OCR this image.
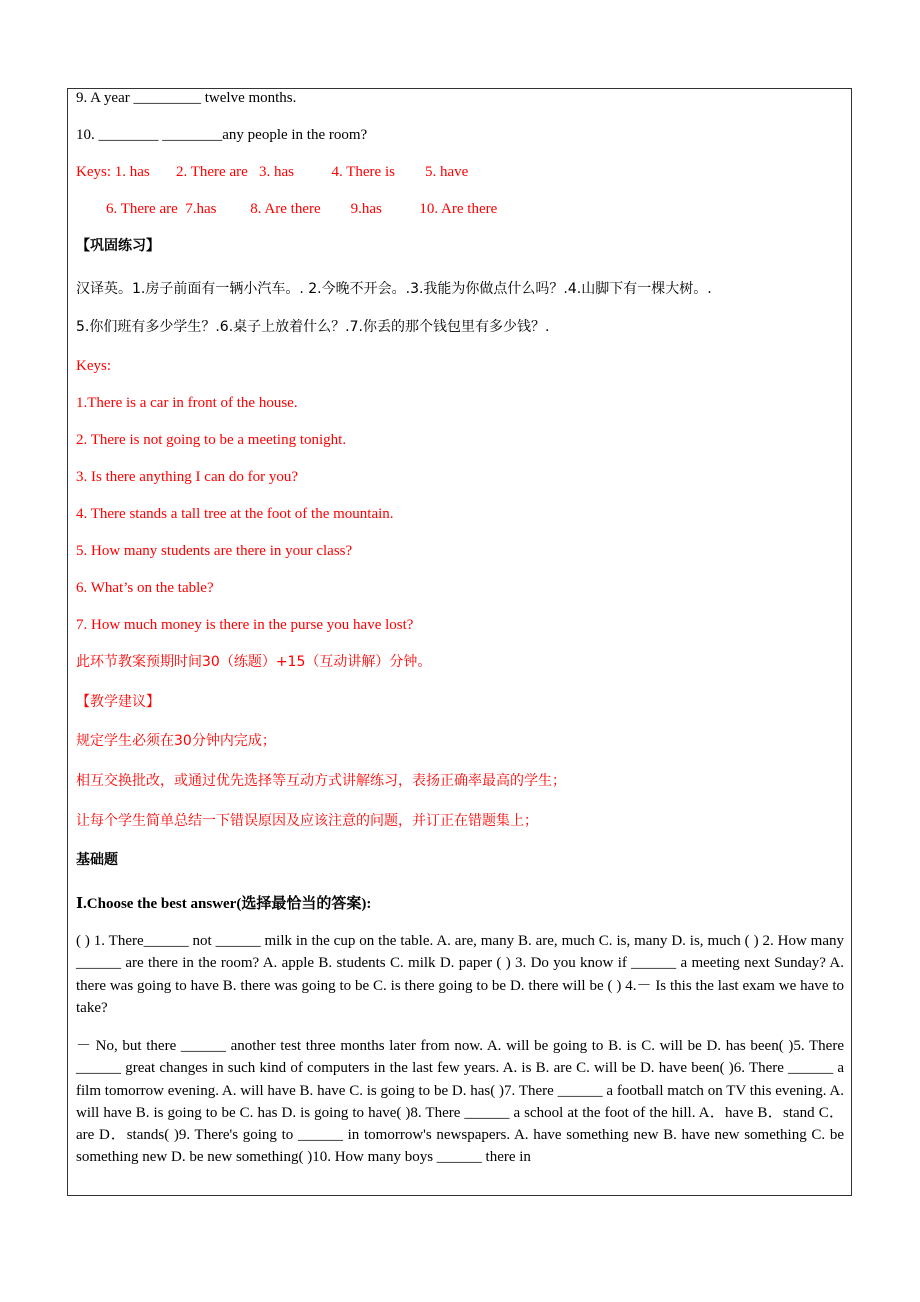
9. A year _________ twelve months.

10. ________ ________any people in the room?

Keys: 1. has       2. There are   3. has          4. There is        5. have

6. There are  7.has         8. Are there        9.has          10. Are there

【巩固练习】

汉译英。1.房子前面有一辆小汽车。. 2.今晚不开会。.3.我能为你做点什么吗？.4.山脚下有一棵大树。.

5.你们班有多少学生？.6.桌子上放着什么？.7.你丢的那个钱包里有多少钱？.

Keys:

1.There is a car in front of the house.

2. There is not going to be a meeting tonight.

3. Is there anything I can do for you?

4. There stands a tall tree at the foot of the mountain.

5. How many students are there in your class?

6. What’s on the table?

7. How much money is there in the purse you have lost?

此环节教案预期时间30（练题）+15（互动讲解）分钟。

【教学建议】

规定学生必须在30分钟内完成；

相互交换批改，或通过优先选择等互动方式讲解练习，表扬正确率最高的学生；

让每个学生简单总结一下错误原因及应该注意的问题，并订正在错题集上；

基础题

Ⅰ.Choose the best answer(选择最恰当的答案):

( ) 1. There______ not ______ milk in the cup on the table. A. are, many B. are, much C. is, many D. is, much ( ) 2. How many ______ are there in the room? A. apple B. students C. milk D. paper ( ) 3. Do you know if ______ a meeting next Sunday? A. there was going to have B. there was going to be C. is there going to be D. there will be ( ) 4.－ Is this the last exam we have to take?

－ No, but there ______ another test three months later from now. A. will be going to B. is C. will be D. has been( )5. There ______ great changes in such kind of computers in the last few years. A. is B. are C. will be D. have been( )6. There ______ a film tomorrow evening. A. will have B. have C. is going to be D. has( )7. There ______ a football match on TV this evening. A. will have B. is going to be C. has D. is going to have( )8. There ______ a school at the foot of the hill. A．have B．stand C．are D．stands( )9. There's going to ______ in tomorrow's newspapers. A. have something new B. have new something C. be something new D. be new something( )10. How many boys ______ there in
